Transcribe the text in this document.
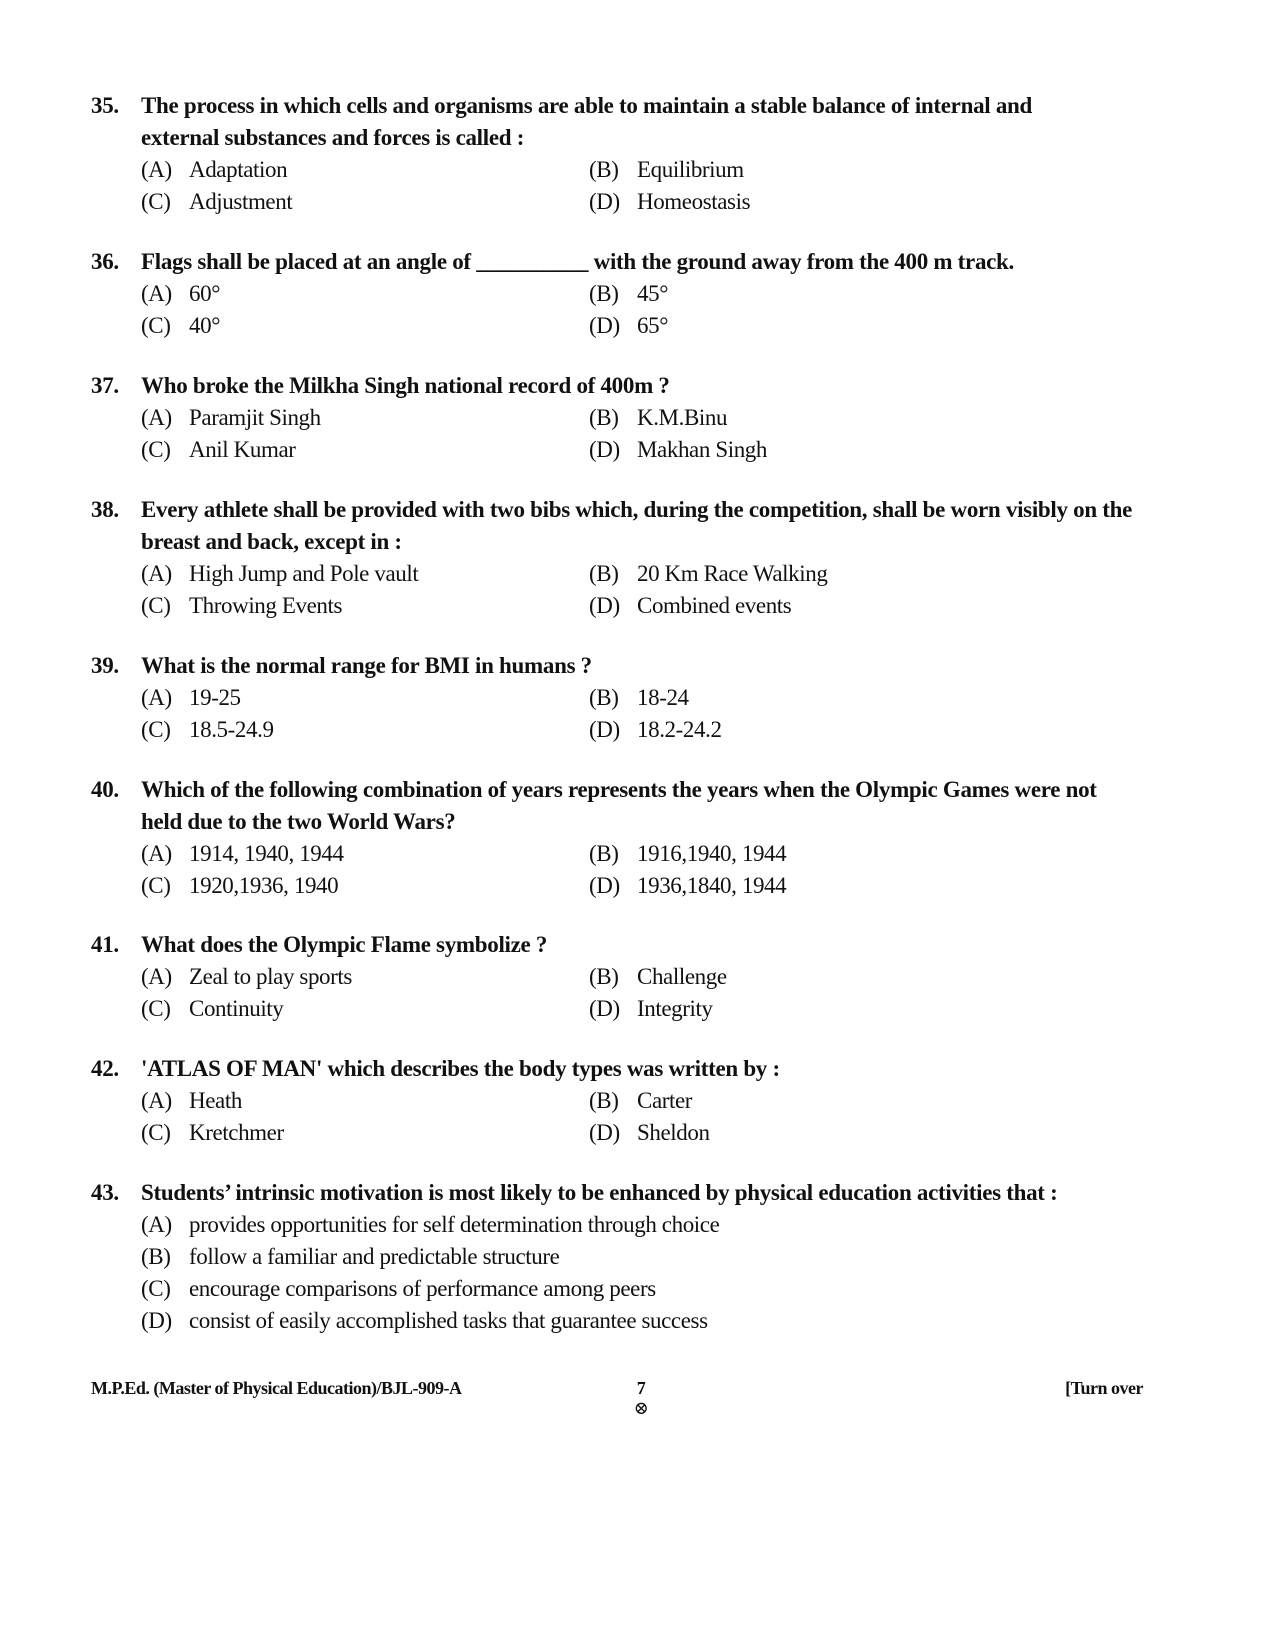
35. The process in which cells and organisms are able to maintain a stable balance of internal and
external substances and forces is called :
(A) Adaptation	(B) Equilibrium
(C) Adjustment	(D) Homeostasis
36. Flags shall be placed at an angle of __________ with the ground away from the 400 m track.
(A) 60°	(B) 45°
(C) 40°	(D) 65°
37. Who broke the Milkha Singh national record of 400m ?
(A) Paramjit Singh	(B) K.M.Binu
(C) Anil Kumar	(D) Makhan Singh
38. Every athlete shall be provided with two bibs which, during the competition, shall be worn visibly on the
breast and back, except in :
(A) High Jump and Pole vault	(B) 20 Km Race Walking
(C) Throwing Events	(D) Combined events
39. What is the normal range for BMI in humans ?
(A) 19-25	(B) 18-24
(C) 18.5-24.9	(D) 18.2-24.2
40. Which of the following combination of years represents the years when the Olympic Games were not
held due to the two World Wars?
(A) 1914, 1940, 1944	(B) 1916,1940, 1944
(C) 1920,1936, 1940	(D) 1936,1840, 1944
41. What does the Olympic Flame symbolize ?
(A) Zeal to play sports	(B) Challenge
(C) Continuity	(D) Integrity
42. 'ATLAS OF MAN' which describes the body types was written by :
(A) Heath	(B) Carter
(C) Kretchmer	(D) Sheldon
43. Students’ intrinsic motivation is most likely to be enhanced by physical education activities that :
(A) provides opportunities for self determination through choice
(B) follow a familiar and predictable structure
(C) encourage comparisons of performance among peers
(D) consist of easily accomplished tasks that guarantee success
M.P.Ed. (Master of Physical Education)/BJL-909-A	7
⊗
[Turn over
